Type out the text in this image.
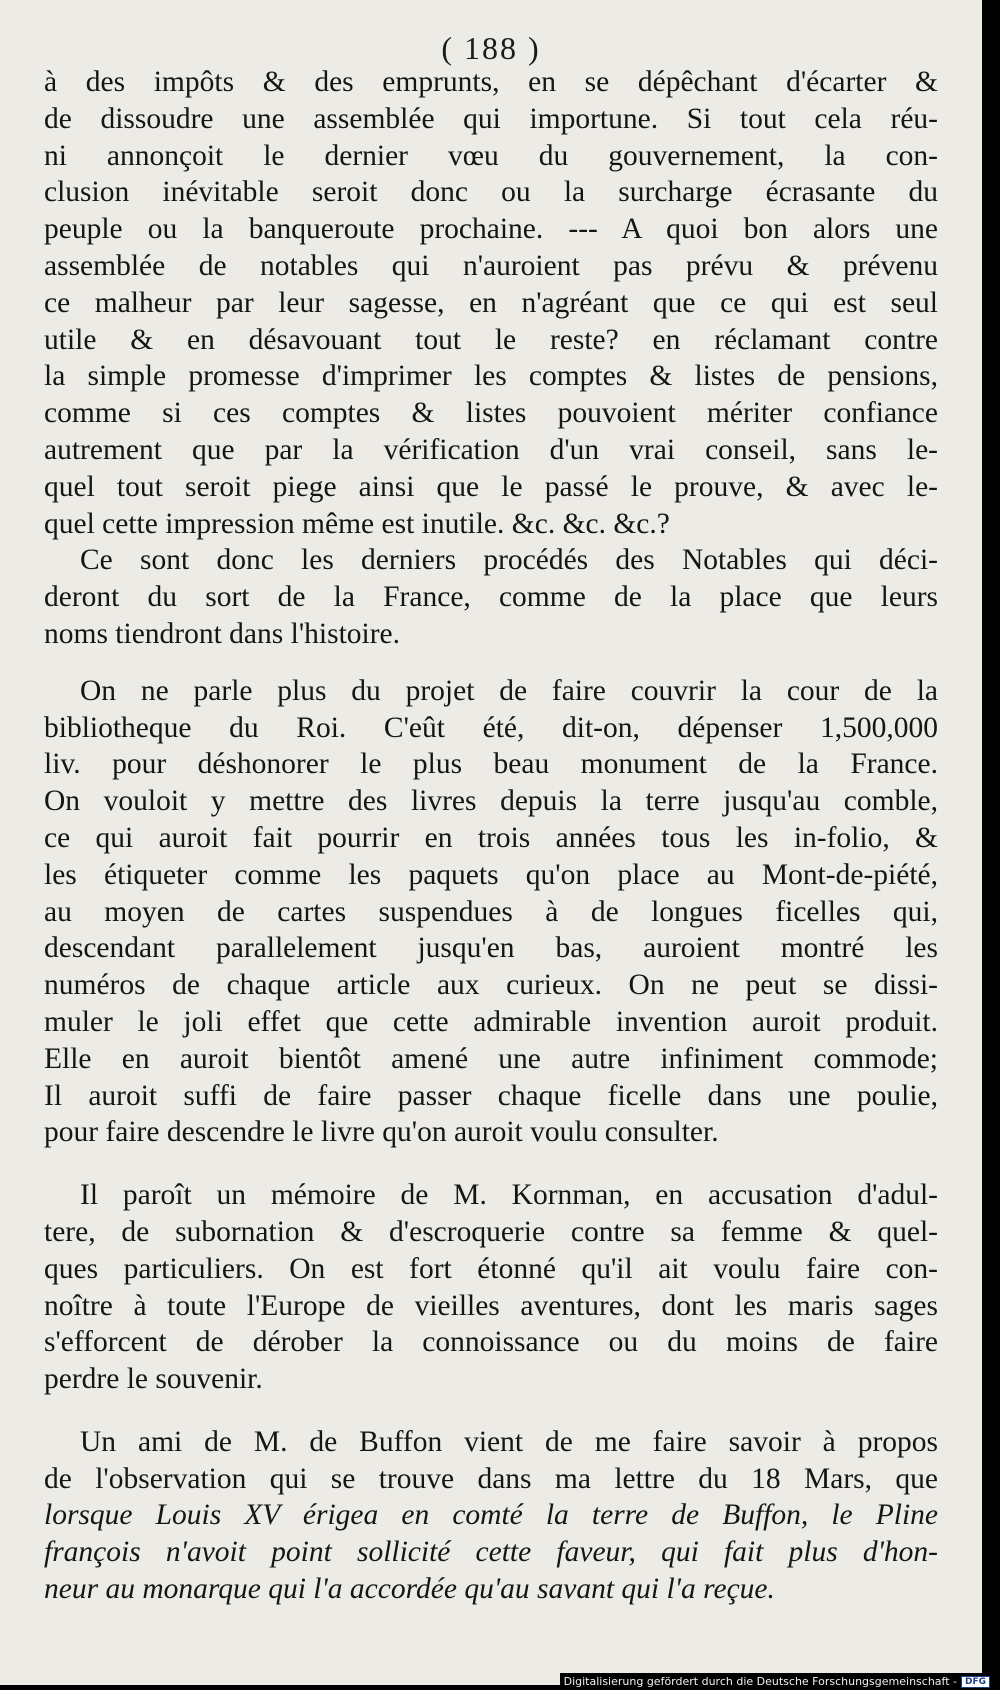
( 188 )
à des impôts & des emprunts, en se dépêchant d'écarter &
de dissoudre une assemblée qui importune. Si tout cela réu-
ni annonçoit le dernier vœu du gouvernement, la con-
clusion inévitable seroit donc ou la surcharge écrasante du
peuple ou la banqueroute prochaine. --- A quoi bon alors une
assemblée de notables qui n'auroient pas prévu & prévenu
ce malheur par leur sagesse, en n'agréant que ce qui est seul
utile & en désavouant tout le reste? en réclamant contre
la simple promesse d'imprimer les comptes & listes de pensions,
comme si ces comptes & listes pouvoient mériter confiance
autrement que par la vérification d'un vrai conseil, sans le-
quel tout seroit piege ainsi que le passé le prouve, & avec le-
quel cette impression même est inutile. &c. &c. &c.?
Ce sont donc les derniers procédés des Notables qui déci-
deront du sort de la France, comme de la place que leurs
noms tiendront dans l'histoire.
On ne parle plus du projet de faire couvrir la cour de la
bibliotheque du Roi. C'eût été, dit-on, dépenser 1,500,000
liv. pour déshonorer le plus beau monument de la France.
On vouloit y mettre des livres depuis la terre jusqu'au comble,
ce qui auroit fait pourrir en trois années tous les in-folio, &
les étiqueter comme les paquets qu'on place au Mont-de-piété,
au moyen de cartes suspendues à de longues ficelles qui,
descendant parallelement jusqu'en bas, auroient montré les
numéros de chaque article aux curieux. On ne peut se dissi-
muler le joli effet que cette admirable invention auroit produit.
Elle en auroit bientôt amené une autre infiniment commode;
Il auroit suffi de faire passer chaque ficelle dans une poulie,
pour faire descendre le livre qu'on auroit voulu consulter.
Il paroît un mémoire de M. Kornman, en accusation d'adul-
tere, de subornation & d'escroquerie contre sa femme & quel-
ques particuliers. On est fort étonné qu'il ait voulu faire con-
noître à toute l'Europe de vieilles aventures, dont les maris sages
s'efforcent de dérober la connoissance ou du moins de faire
perdre le souvenir.
Un ami de M. de Buffon vient de me faire savoir à propos
de l'observation qui se trouve dans ma lettre du 18 Mars, que
lorsque Louis XV érigea en comté la terre de Buffon, le Pline
françois n'avoit point sollicité cette faveur, qui fait plus d'hon-
neur au monarque qui l'a accordée qu'au savant qui l'a reçue.
Digitalisierung gefördert durch die Deutsche Forschungsgemeinschaft - DFG
